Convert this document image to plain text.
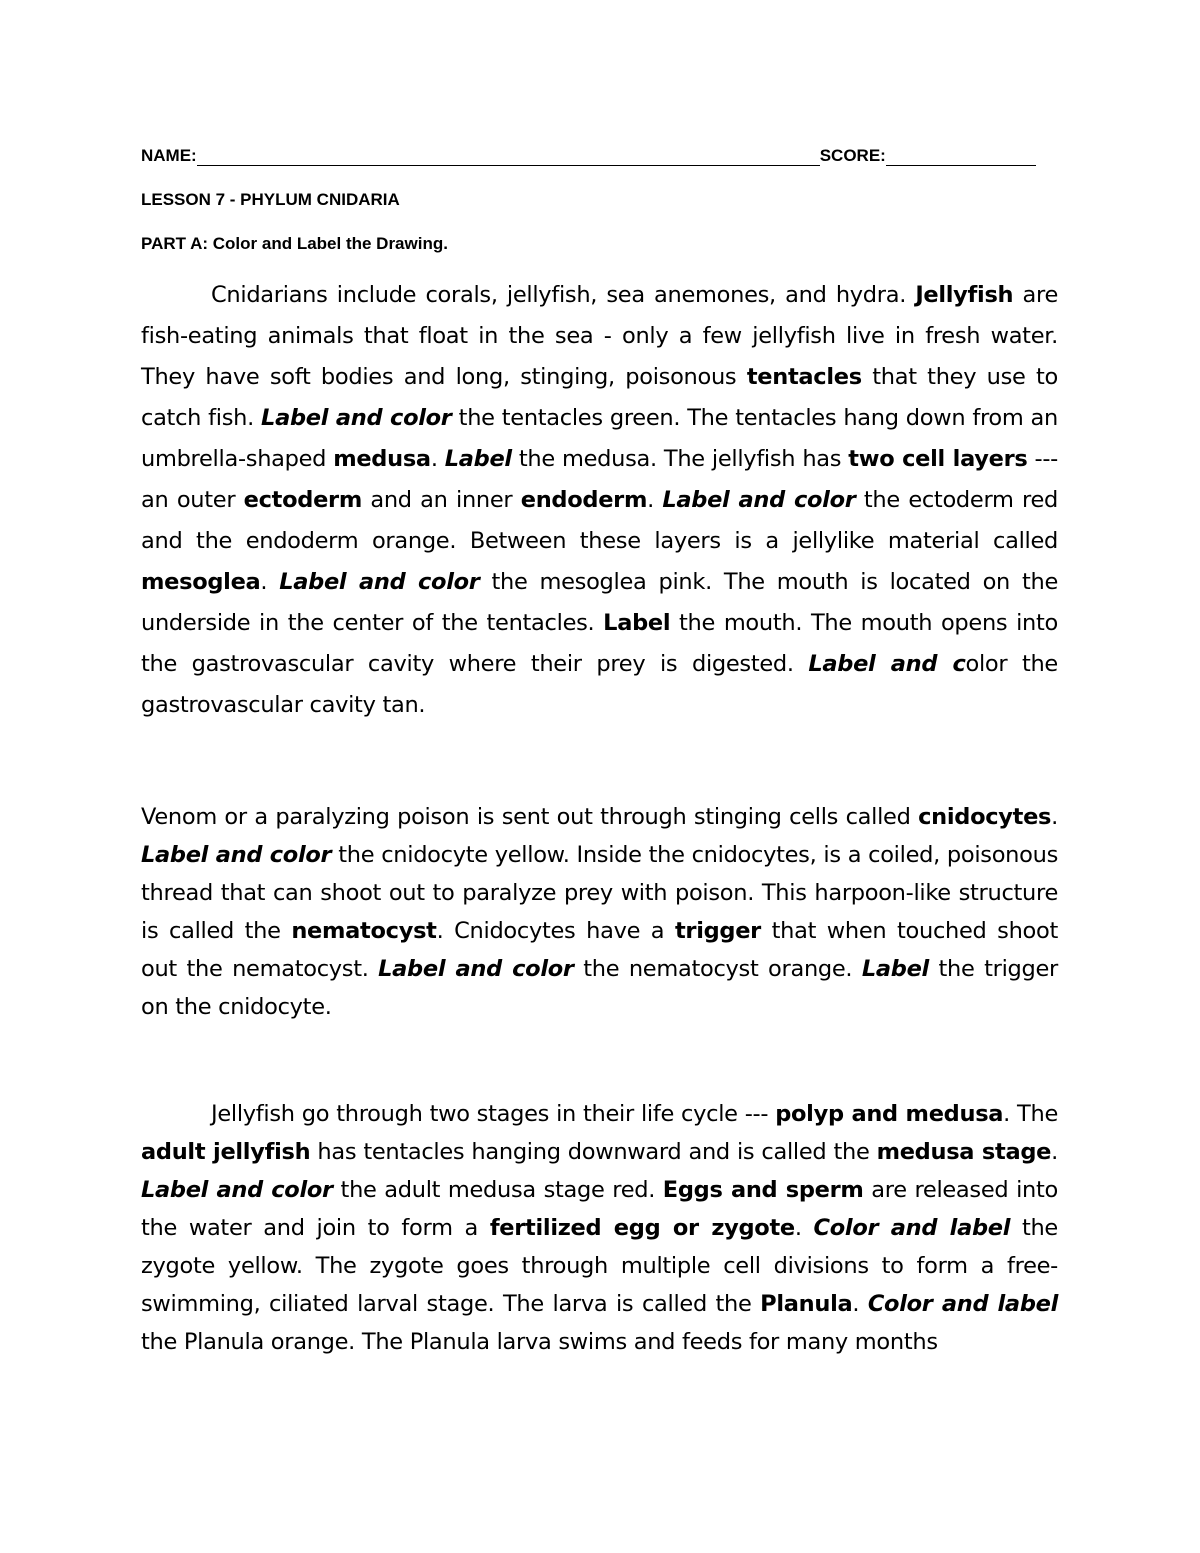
NAME:	SCORE:
LESSON 7 - PHYLUM CNIDARIA
PART A: Color and Label the Drawing.

Cnidarians include corals, jellyfish, sea anemones, and hydra. Jellyfish are fish-eating animals that float in the sea - only a few jellyfish live in fresh water. They have soft bodies and long, stinging, poisonous tentacles that they use to catch fish. Label and color the tentacles green. The tentacles hang down from an umbrella-shaped medusa. Label the medusa. The jellyfish has two cell layers --- an outer ectoderm and an inner endoderm. Label and color the ectoderm red and the endoderm orange. Between these layers is a jellylike material called mesoglea. Label and color the mesoglea pink. The mouth is located on the underside in the center of the tentacles. Label the mouth. The mouth opens into the gastrovascular cavity where their prey is digested. Label and color the gastrovascular cavity tan.

Venom or a paralyzing poison is sent out through stinging cells called cnidocytes. Label and color the cnidocyte yellow. Inside the cnidocytes, is a coiled, poisonous thread that can shoot out to paralyze prey with poison. This harpoon-like structure is called the nematocyst. Cnidocytes have a trigger that when touched shoot out the nematocyst. Label and color the nematocyst orange. Label the trigger on the cnidocyte.

Jellyfish go through two stages in their life cycle --- polyp and medusa. The adult jellyfish has tentacles hanging downward and is called the medusa stage. Label and color the adult medusa stage red. Eggs and sperm are released into the water and join to form a fertilized egg or zygote. Color and label the zygote yellow. The zygote goes through multiple cell divisions to form a free-swimming, ciliated larval stage. The larva is called the Planula. Color and label the Planula orange. The Planula larva swims and feeds for many months
